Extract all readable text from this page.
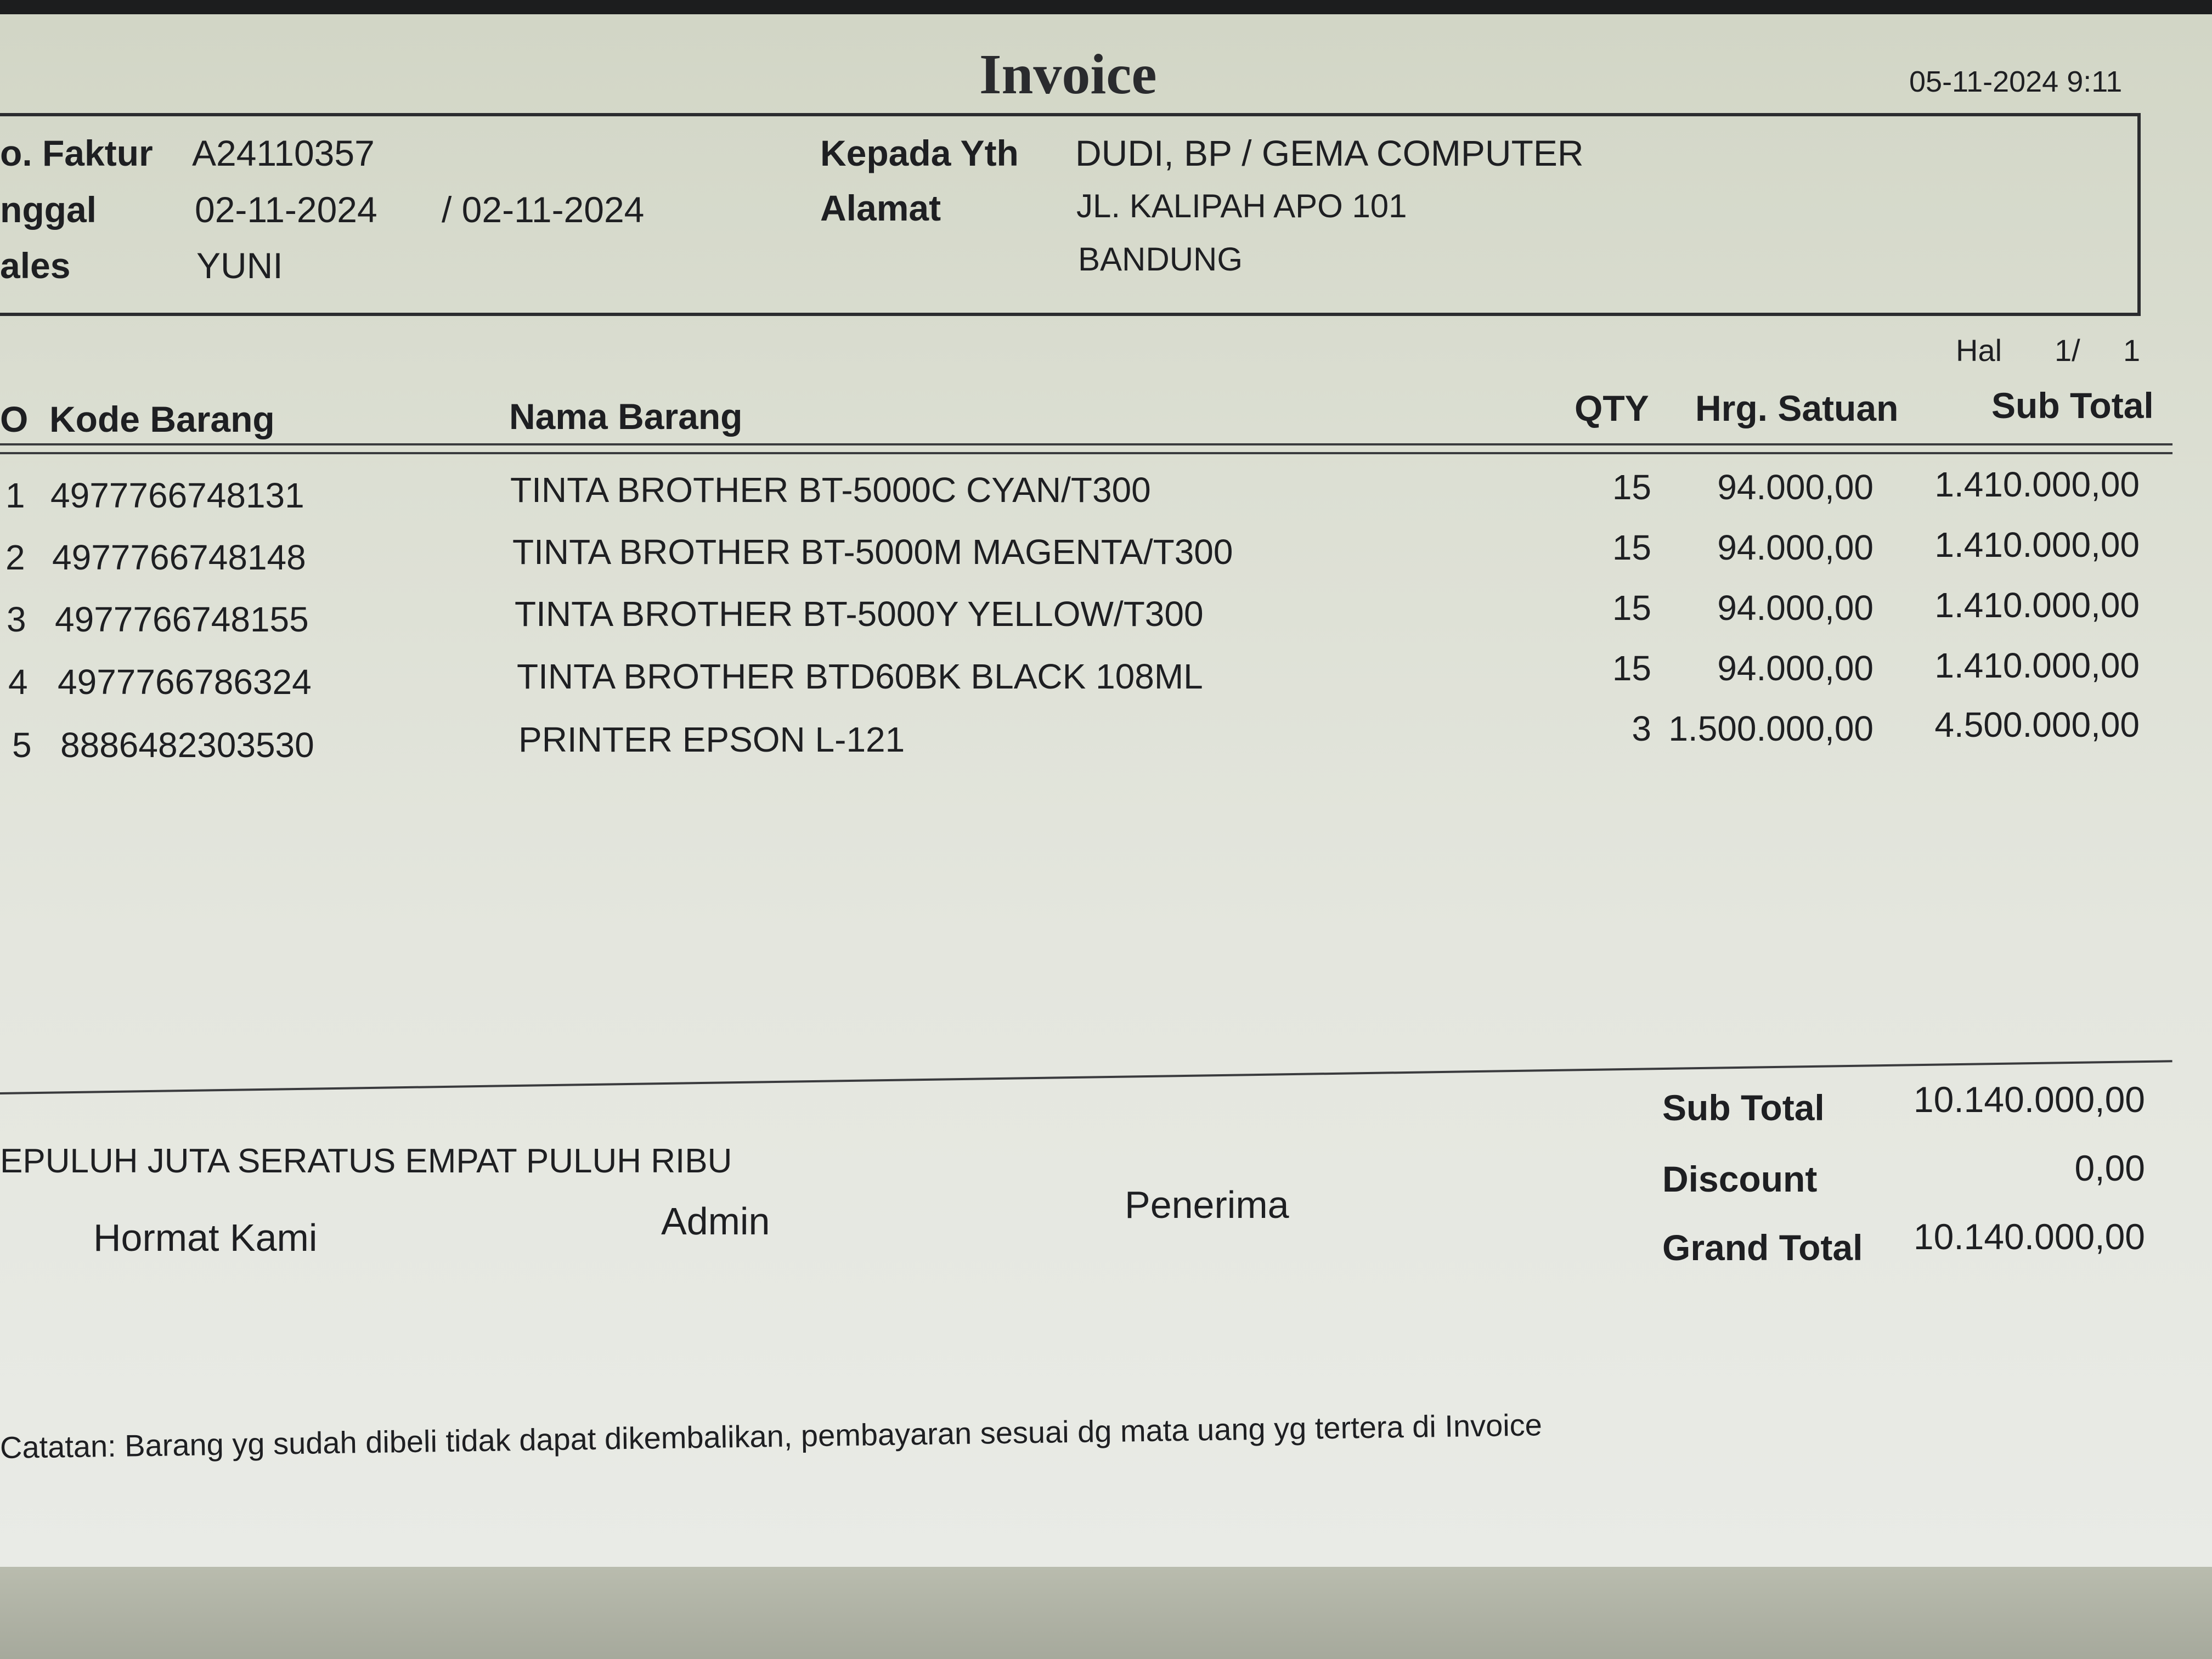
Invoice	05-11-2024 9:11
o. Faktur A24110357
nggal	02-11-2024 / 02-11-2024
ales	YUNI
Kepada Yth DUDI, BP / GEMA COMPUTER
Alamat	JL. KALIPAH APO 101
BANDUNG
Hal 1/ 1
O Kode Barang	Nama Barang	QTY Hrg. Satuan	Sub Total
1 4977766748131	TINTA BROTHER BT-5000C CYAN/T300	15	94.000,00	1.410.000,00
2 4977766748148	TINTA BROTHER BT-5000M MAGENTA/T300	15	94.000,00	1.410.000,00
3 4977766748155	TINTA BROTHER BT-5000Y YELLOW/T300	15	94.000,00	1.410.000,00
4 4977766786324	TINTA BROTHER BTD60BK BLACK 108ML	15	94.000,00	1.410.000,00
5 8886482303530	PRINTER EPSON L-121	3 1.500.000,00	4.500.000,00
Sub Total	10.140.000,00
Discount	0,00
Grand Total	10.140.000,00
EPULUH JUTA SERATUS EMPAT PULUH RIBU
Hormat Kami	Admin	Penerima
Catatan: Barang yg sudah dibeli tidak dapat dikembalikan, pembayaran sesuai dg mata uang yg tertera di Invoice
